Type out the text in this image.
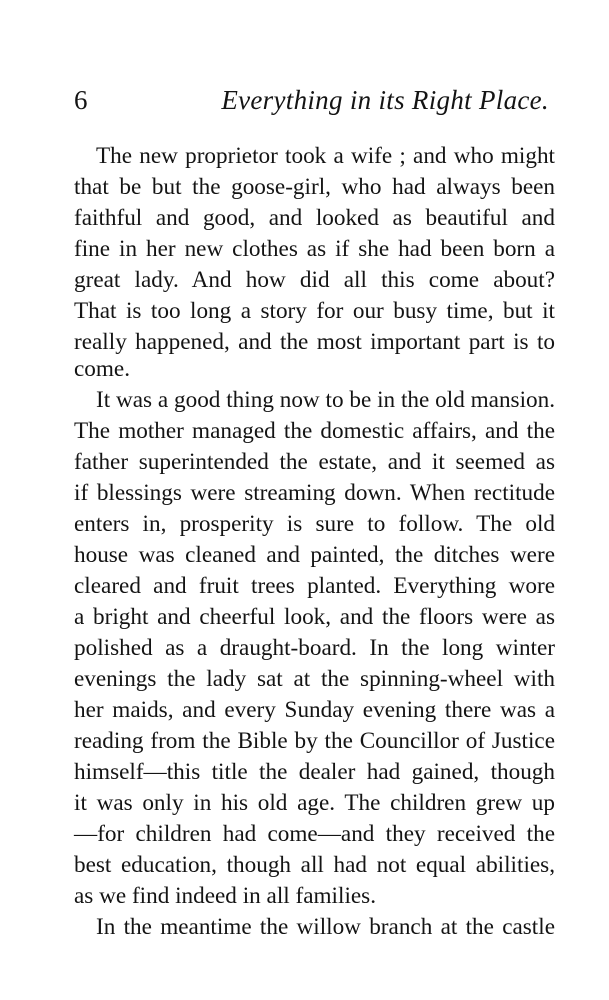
6	Everything in its Right Place.
The new proprietor took a wife ; and who might
that be but the goose-girl, who had always been
faithful and good, and looked as beautiful and
fine in her new clothes as if she had been born a
great lady. And how did all this come about?
That is too long a story for our busy time, but it
really happened, and the most important part is to
come.
It was a good thing now to be in the old mansion.
The mother managed the domestic affairs, and the
father superintended the estate, and it seemed as
if blessings were streaming down. When rectitude
enters in, prosperity is sure to follow. The old
house was cleaned and painted, the ditches were
cleared and fruit trees planted. Everything wore
a bright and cheerful look, and the floors were as
polished as a draught-board. In the long winter
evenings the lady sat at the spinning-wheel with
her maids, and every Sunday evening there was a
reading from the Bible by the Councillor of Justice
himself—this title the dealer had gained, though
it was only in his old age. The children grew up
—for children had come—and they received the
best education, though all had not equal abilities,
as we find indeed in all families.
In the meantime the willow branch at the castle
